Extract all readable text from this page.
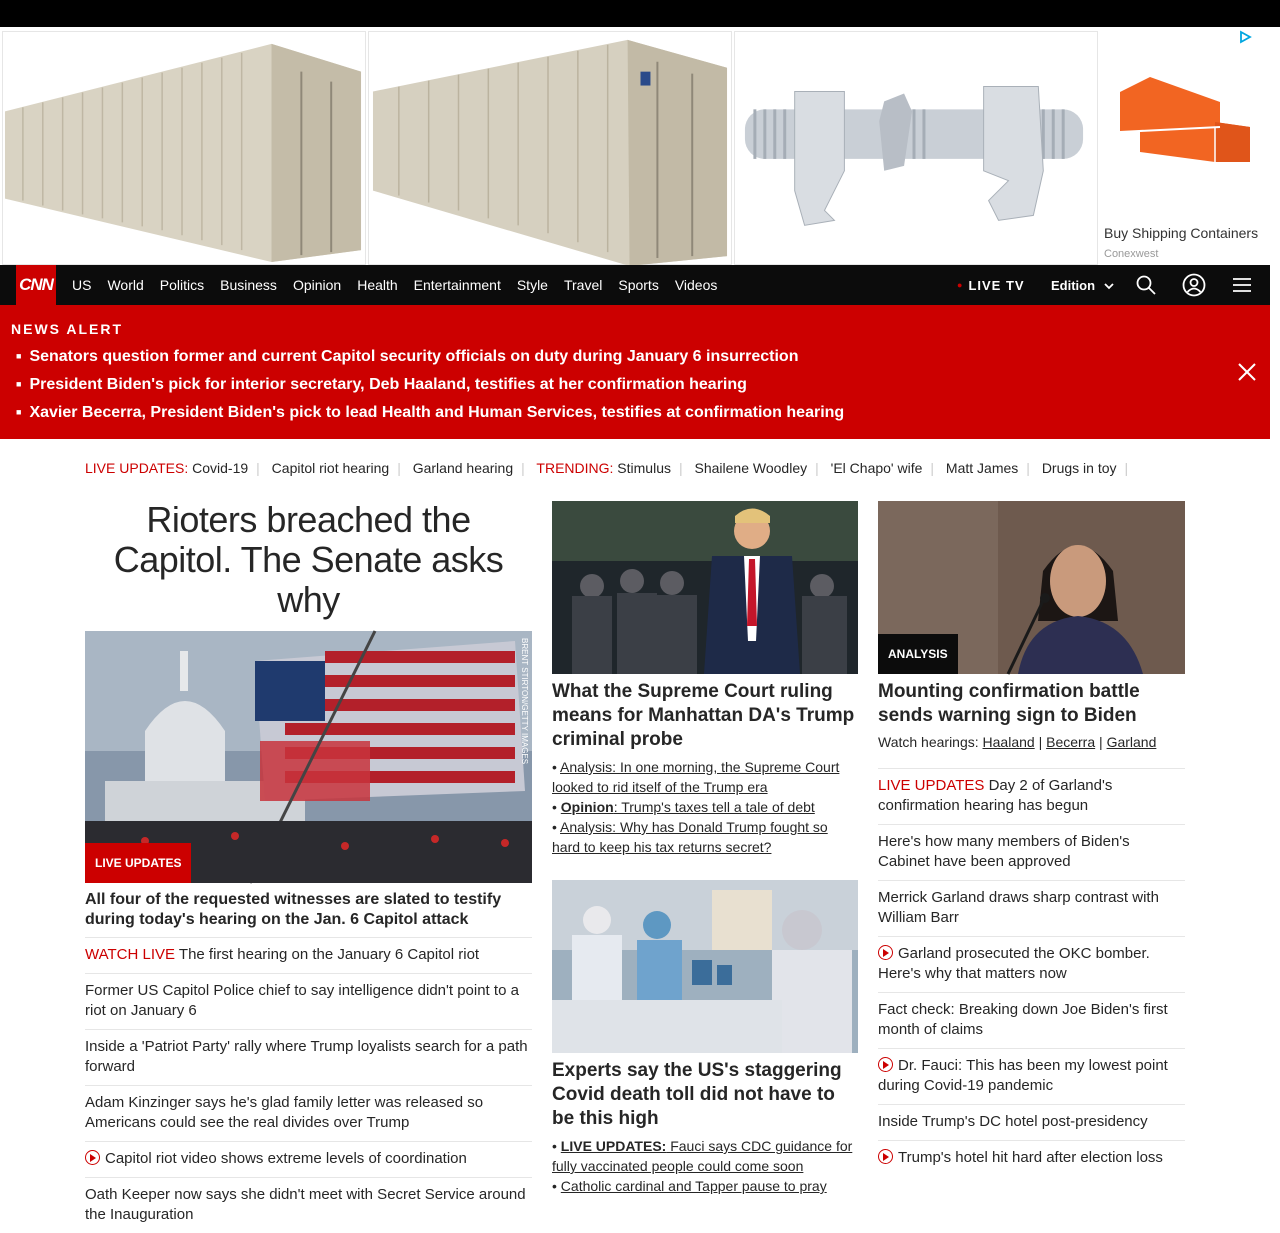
Buy Shipping Containers
Conexwest
CNN US World Politics Business Opinion Health Entertainment Style Travel Sports Videos	● LIVE TV Edition
NEWS ALERT
■ Senators question former and current Capitol security officials on duty during January 6 insurrection
■ President Biden's pick for interior secretary, Deb Haaland, testifies at her confirmation hearing
■ Xavier Becerra, President Biden's pick to lead Health and Human Services, testifies at confirmation hearing
LIVE UPDATES: Covid-19 | Capitol riot hearing | Garland hearing | TRENDING: Stimulus | Shailene Woodley | 'El Chapo' wife | Matt James | Drugs in toy |
Rioters breached the Capitol. The Senate asks why
LIVE UPDATES
BRENT STIRTON/GETTY IMAGES
All four of the requested witnesses are slated to testify during today's hearing on the Jan. 6 Capitol attack
WATCH LIVE The first hearing on the January 6 Capitol riot
Former US Capitol Police chief to say intelligence didn't point to a riot on January 6
Inside a 'Patriot Party' rally where Trump loyalists search for a path forward
Adam Kinzinger says he's glad family letter was released so Americans could see the real divides over Trump
Capitol riot video shows extreme levels of coordination
Oath Keeper now says she didn't meet with Secret Service around the Inauguration
What the Supreme Court ruling means for Manhattan DA's Trump criminal probe
• Analysis: In one morning, the Supreme Court looked to rid itself of the Trump era
• Opinion: Trump's taxes tell a tale of debt
• Analysis: Why has Donald Trump fought so hard to keep his tax returns secret?
Experts say the US's staggering Covid death toll did not have to be this high
• LIVE UPDATES: Fauci says CDC guidance for fully vaccinated people could come soon
• Catholic cardinal and Tapper pause to pray
ANALYSIS
Mounting confirmation battle sends warning sign to Biden
Watch hearings: Haaland | Becerra | Garland
LIVE UPDATES Day 2 of Garland's confirmation hearing has begun
Here's how many members of Biden's Cabinet have been approved
Merrick Garland draws sharp contrast with William Barr
Garland prosecuted the OKC bomber. Here's why that matters now
Fact check: Breaking down Joe Biden's first month of claims
Dr. Fauci: This has been my lowest point during Covid-19 pandemic
Inside Trump's DC hotel post-presidency
Trump's hotel hit hard after election loss
